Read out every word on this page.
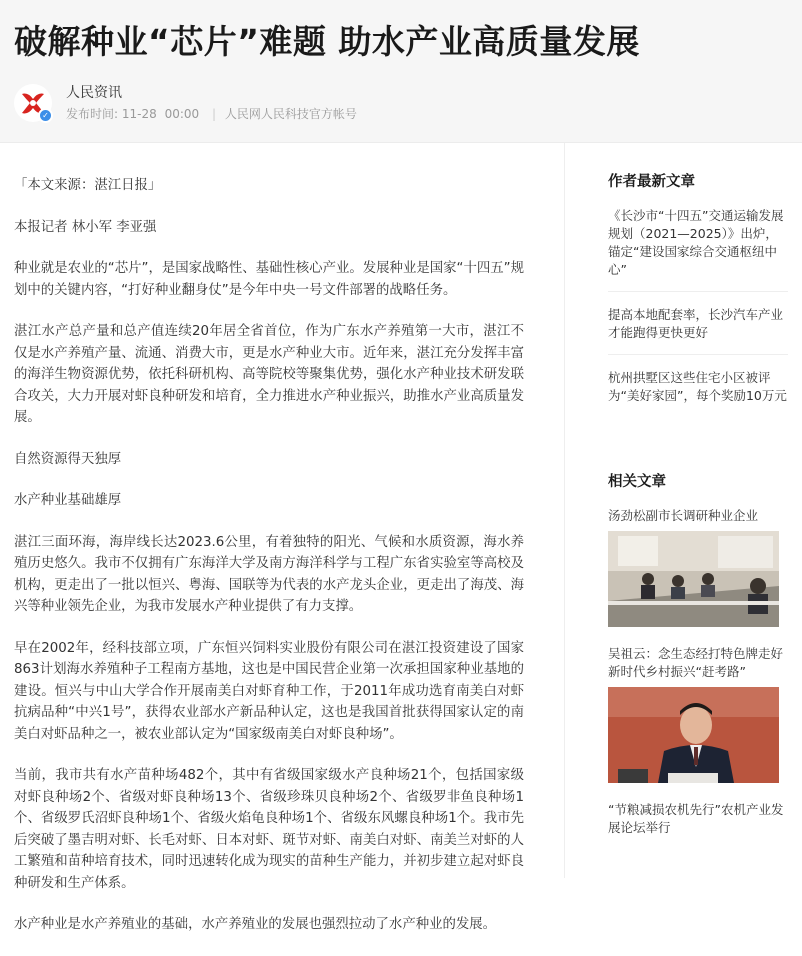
破解种业“芯片”难题 助水产业高质量发展
✓
人民资讯
发布时间: 11-28 00:00 | 人民网人民科技官方帐号

「本文来源：湛江日报」

本报记者 林小军 李亚强

种业就是农业的“芯片”，是国家战略性、基础性核心产业。发展种业是国家“十四五”规划中的关键内容，“打好种业翻身仗”是今年中央一号文件部署的战略任务。

湛江水产总产量和总产值连续20年居全省首位，作为广东水产养殖第一大市，湛江不仅是水产养殖产量、流通、消费大市，更是水产种业大市。近年来，湛江充分发挥丰富的海洋生物资源优势，依托科研机构、高等院校等聚集优势，强化水产种业技术研发联合攻关，大力开展对虾良种研发和培育，全力推进水产种业振兴，助推水产业高质量发展。

自然资源得天独厚

水产种业基础雄厚

湛江三面环海，海岸线长达2023.6公里，有着独特的阳光、气候和水质资源，海水养殖历史悠久。我市不仅拥有广东海洋大学及南方海洋科学与工程广东省实验室等高校及机构，更走出了一批以恒兴、粤海、国联等为代表的水产龙头企业，更走出了海茂、海兴等种业领先企业，为我市发展水产种业提供了有力支撑。

早在2002年，经科技部立项，广东恒兴饲料实业股份有限公司在湛江投资建设了国家863计划海水养殖种子工程南方基地，这也是中国民营企业第一次承担国家种业基地的建设。恒兴与中山大学合作开展南美白对虾育种工作，于2011年成功选育南美白对虾抗病品种“中兴1号”，获得农业部水产新品种认定，这也是我国首批获得国家认定的南美白对虾品种之一，被农业部认定为“国家级南美白对虾良种场”。

当前，我市共有水产苗种场482个，其中有省级国家级水产良种场21个，包括国家级对虾良种场2个、省级对虾良种场13个、省级珍珠贝良种场2个、省级罗非鱼良种场1个、省级罗氏沼虾良种场1个、省级火焰龟良种场1个、省级东风螺良种场1个。我市先后突破了墨吉明对虾、长毛对虾、日本对虾、斑节对虾、南美白对虾、南美兰对虾的人工繁殖和苗种培育技术，同时迅速转化成为现实的苗种生产能力，并初步建立起对虾良种研发和生产体系。

水产种业是水产养殖业的基础，水产养殖业的发展也强烈拉动了水产种业的发展。

作者最新文章
《长沙市“十四五”交通运输发展规划（2021—2025）》出炉，锚定“建设国家综合交通枢纽中心”
提高本地配套率，长沙汽车产业才能跑得更快更好
杭州拱墅区这些住宅小区被评为“美好家园”，每个奖励10万元
相关文章
汤劲松副市长调研种业企业
吴祖云：念生态经打特色牌走好新时代乡村振兴“赶考路”
“节粮减损农机先行”农机产业发展论坛举行
